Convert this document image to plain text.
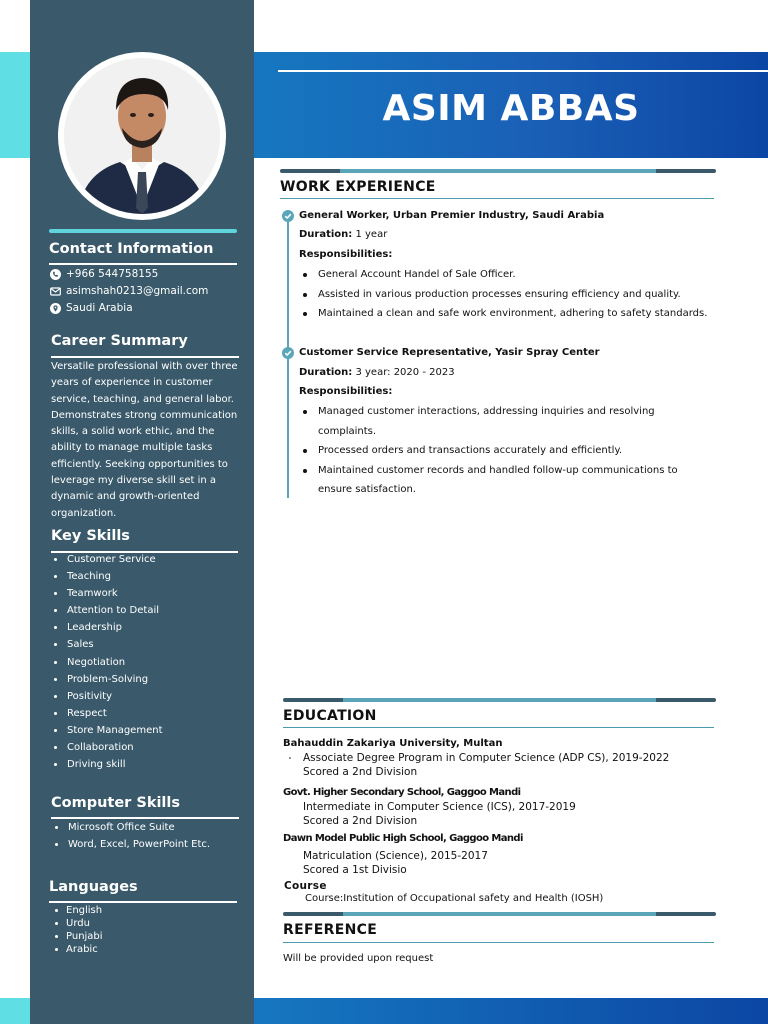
ASIM ABBAS
Contact Information
+966 544758155
asimshah0213@gmail.com
Saudi Arabia
Career Summary
Versatile professional with over three years of experience in customer service, teaching, and general labor. Demonstrates strong communication skills, a solid work ethic, and the ability to manage multiple tasks efficiently. Seeking opportunities to leverage my diverse skill set in a dynamic and growth-oriented organization.
Key Skills
Customer Service
Teaching
Teamwork
Attention to Detail
Leadership
Sales
Negotiation
Problem-Solving
Positivity
Respect
Store Management
Collaboration
Driving skill
Computer Skills
Microsoft Office Suite
Word, Excel, PowerPoint Etc.
Languages
English
Urdu
Punjabi
Arabic
WORK EXPERIENCE
General Worker, Urban Premier Industry, Saudi Arabia
Duration: 1 year
Responsibilities:
General Account Handel of Sale Officer.
Assisted in various production processes ensuring efficiency and quality.
Maintained a clean and safe work environment, adhering to safety standards.
Customer Service Representative, Yasir Spray Center
Duration: 3 year: 2020 - 2023
Responsibilities:
Managed customer interactions, addressing inquiries and resolving
complaints.
Processed orders and transactions accurately and efficiently.
Maintained customer records and handled follow-up communications to
ensure satisfaction.
EDUCATION
Bahauddin Zakariya University, Multan
Associate Degree Program in Computer Science (ADP CS), 2019-2022
Scored a 2nd Division
Govt. Higher Secondary School, Gaggoo Mandi
Intermediate in Computer Science (ICS), 2017-2019
Scored a 2nd Division
Dawn Model Public High School, Gaggoo Mandi
Matriculation (Science), 2015-2017
Scored a 1st Divisio
Course
Course:Institution of Occupational safety and Health (IOSH)
REFERENCE
Will be provided upon request
